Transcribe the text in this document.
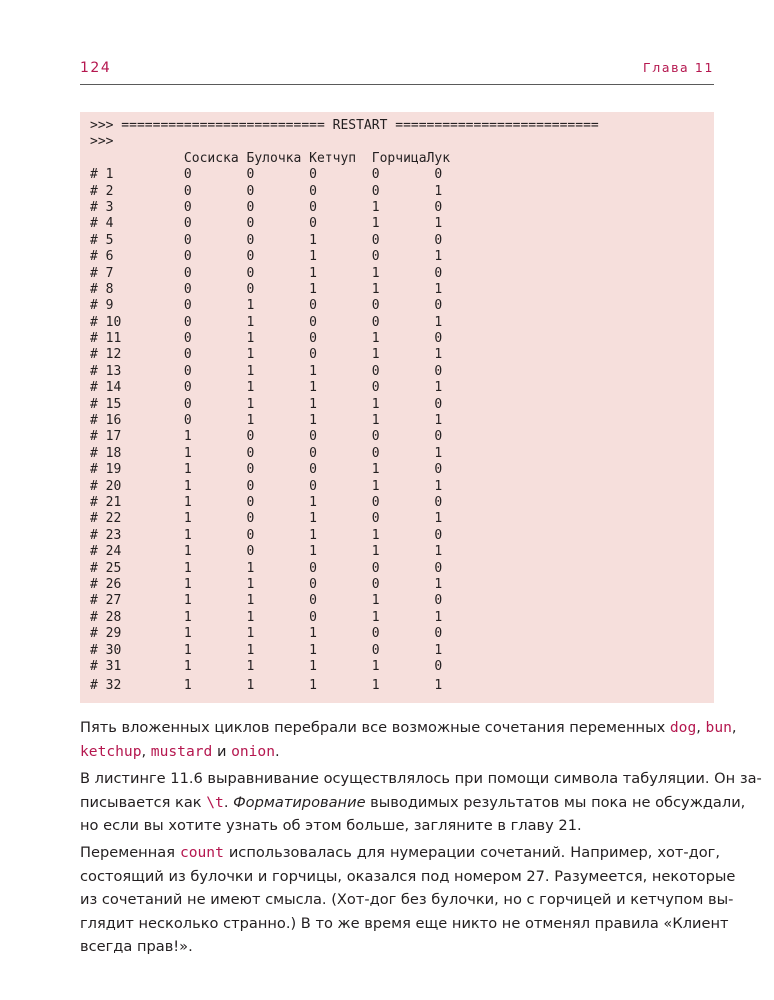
124	Глава 11
>>> ========================== RESTART ==========================
>>>
Сосиска Булочка Кетчуп  ГорчицаЛук
# 1         0       0       0       0       0
# 2         0       0       0       0       1
# 3         0       0       0       1       0
# 4         0       0       0       1       1
# 5         0       0       1       0       0
# 6         0       0       1       0       1
# 7         0       0       1       1       0
# 8         0       0       1       1       1
# 9         0       1       0       0       0
# 10        0       1       0       0       1
# 11        0       1       0       1       0
# 12        0       1       0       1       1
# 13        0       1       1       0       0
# 14        0       1       1       0       1
# 15        0       1       1       1       0
# 16        0       1       1       1       1
# 17        1       0       0       0       0
# 18        1       0       0       0       1
# 19        1       0       0       1       0
# 20        1       0       0       1       1
# 21        1       0       1       0       0
# 22        1       0       1       0       1
# 23        1       0       1       1       0
# 24        1       0       1       1       1
# 25        1       1       0       0       0
# 26        1       1       0       0       1
# 27        1       1       0       1       0
# 28        1       1       0       1       1
# 29        1       1       1       0       0
# 30        1       1       1       0       1
# 31        1       1       1       1       0
# 32        1       1       1       1       1
Пять вложенных циклов перебрали все возможные сочетания переменных dog, bun,
ketchup, mustard и onion.
В листинге 11.6 выравнивание осуществлялось при помощи символа табуляции. Он за-
писывается как \t. Форматирование выводимых результатов мы пока не обсуждали,
но если вы хотите узнать об этом больше, загляните в главу 21.
Переменная count использовалась для нумерации сочетаний. Например, хот-дог,
состоящий из булочки и горчицы, оказался под номером 27. Разумеется, некоторые
из сочетаний не имеют смысла. (Хот-дог без булочки, но с горчицей и кетчупом вы-
глядит несколько странно.) В то же время еще никто не отменял правила «Клиент
всегда прав!».
